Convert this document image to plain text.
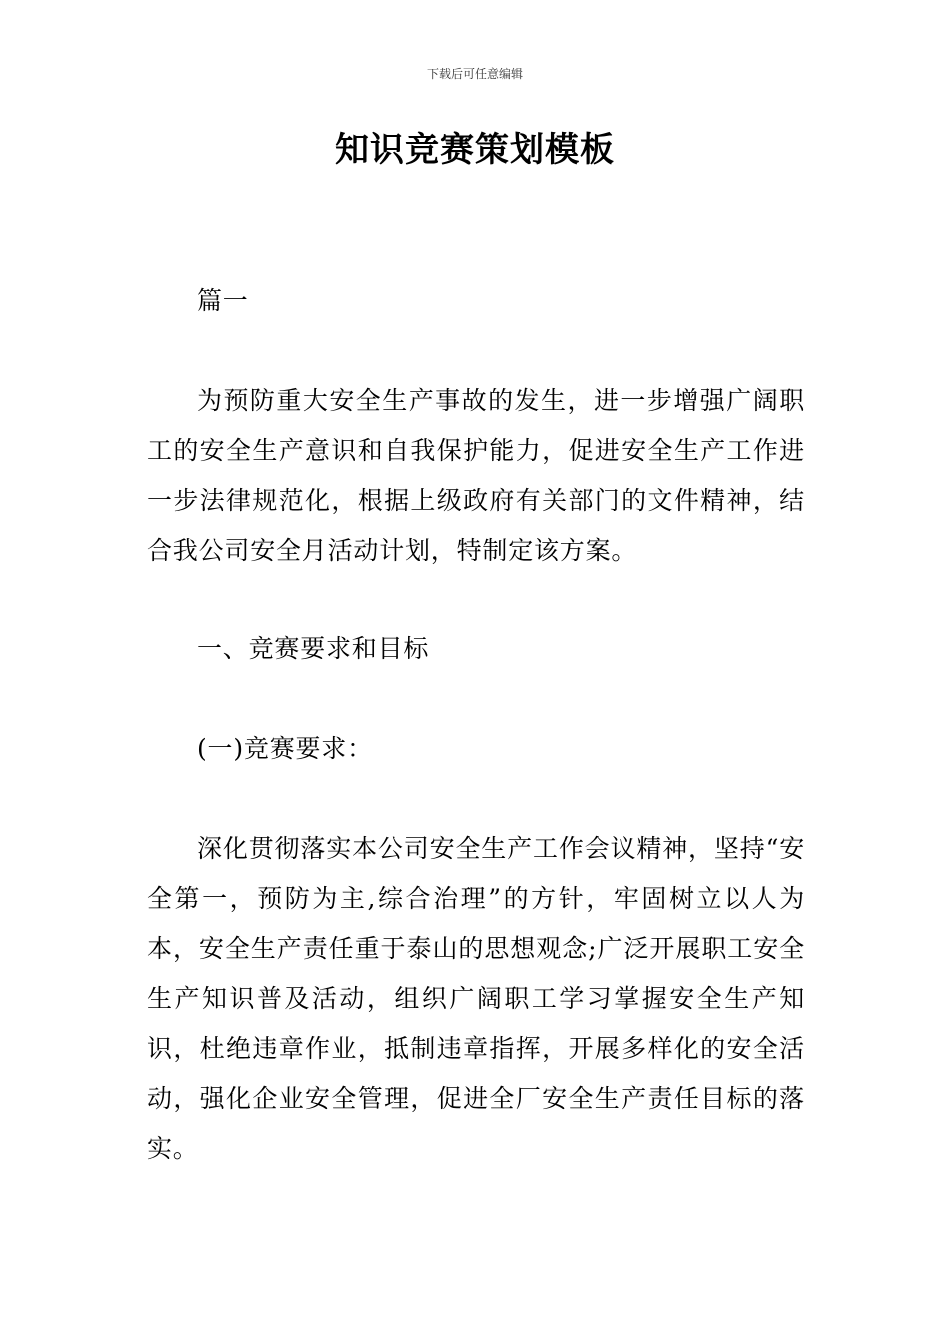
下载后可任意编辑
知识竞赛策划模板

篇一

为预防重大安全生产事故的发生，进一步增强广阔职工的安全生产意识和自我保护能力，促进安全生产工作进一步法律规范化，根据上级政府有关部门的文件精神，结合我公司安全月活动计划，特制定该方案。

一、竞赛要求和目标

(一)竞赛要求：

深化贯彻落实本公司安全生产工作会议精神，坚持“安全第一，预防为主,综合治理”的方针，牢固树立以人为本，安全生产责任重于泰山的思想观念;广泛开展职工安全生产知识普及活动，组织广阔职工学习掌握安全生产知识，杜绝违章作业，抵制违章指挥，开展多样化的安全活动，强化企业安全管理，促进全厂安全生产责任目标的落实。
